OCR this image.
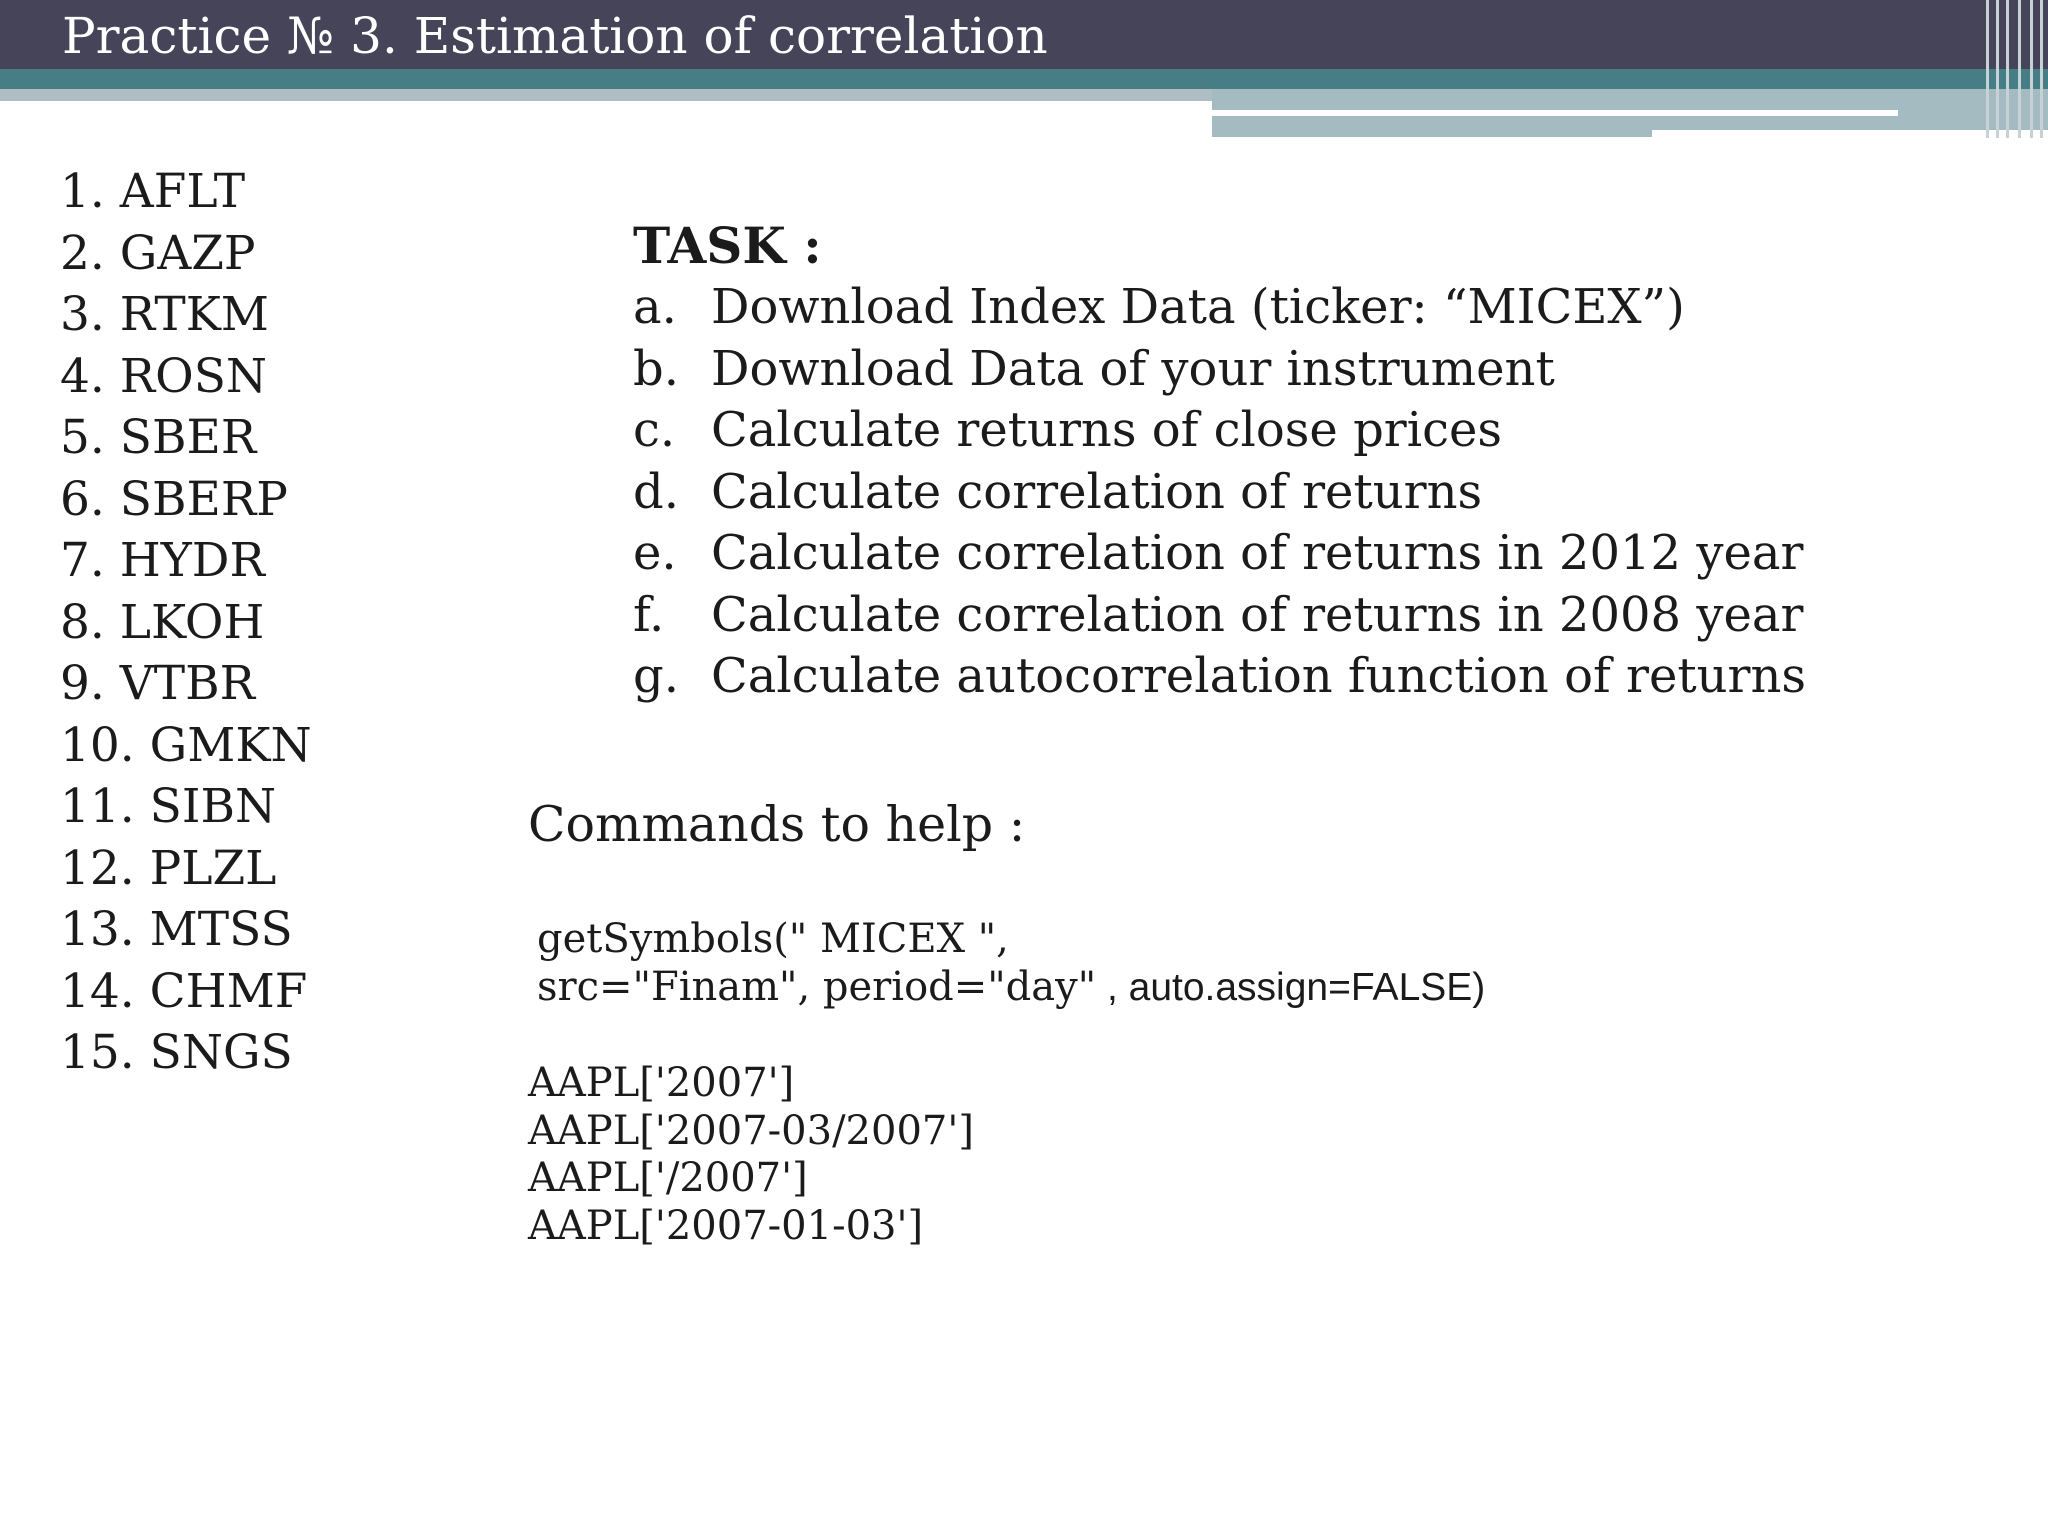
Practice № 3. Estimation of correlation
1. AFLT
2. GAZP
3. RTKM
4. ROSN
5. SBER
6. SBERP
7. HYDR
8. LKOH
9. VTBR
10. GMKN
11. SIBN
12. PLZL
13. MTSS
14. CHMF
15. SNGS
TASK :
a. Download Index Data (ticker: “MICEX”)
b. Download Data of your instrument
c. Calculate returns of close prices
d. Calculate correlation of returns
e. Calculate correlation of returns in 2012 year
f. Calculate correlation of returns in 2008 year
g. Calculate autocorrelation function of returns
Commands to help :
getSymbols(" MICEX ",
src="Finam", period="day" , auto.assign=FALSE)
AAPL['2007']
AAPL['2007-03/2007']
AAPL['/2007']
AAPL['2007-01-03']
